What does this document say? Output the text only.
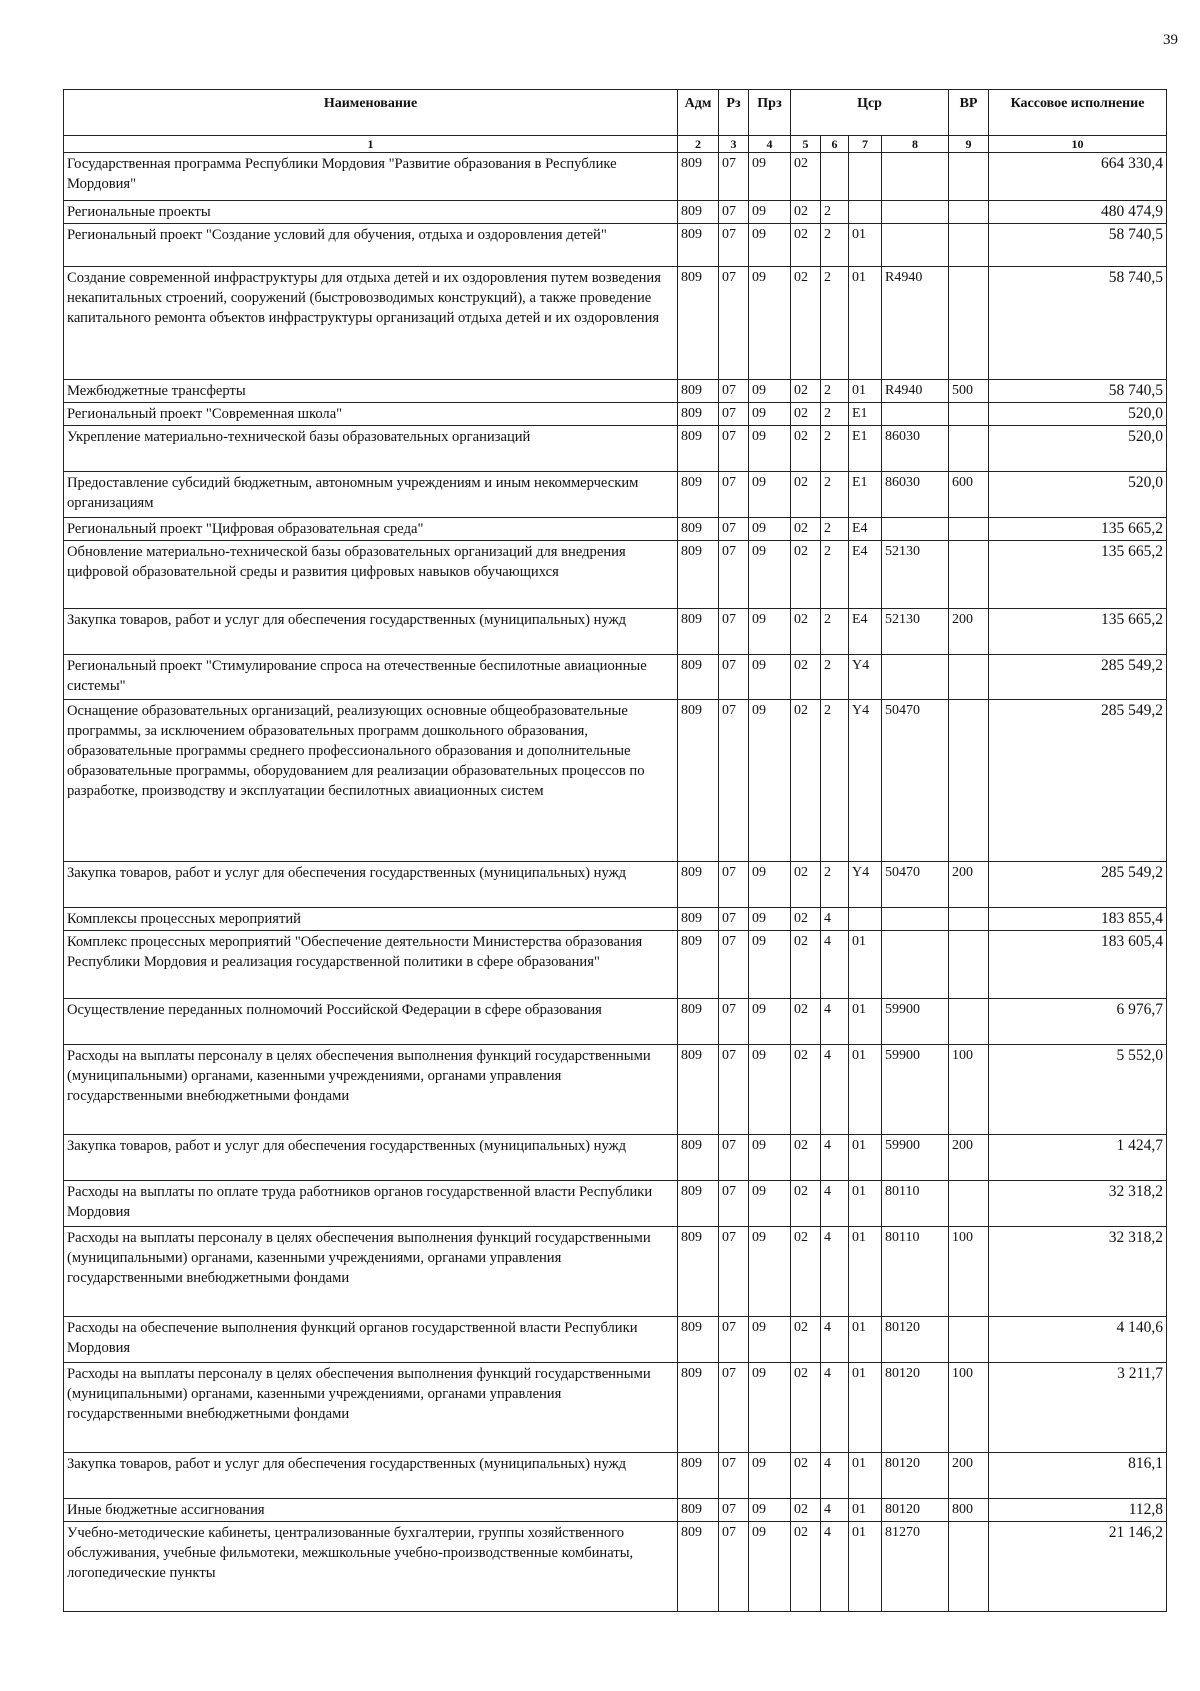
39
Наименование	Адм	Рз	Прз	Цср				ВР	Кассовое исполнение
1	2	3	4	5	6	7	8	9	10
Государственная программа Республики Мордовия "Развитие образования в Республике Мордовия"	809	07	09	02					664 330,4
Региональные проекты	809	07	09	02	2				480 474,9
Региональный проект "Создание условий для обучения, отдыха и оздоровления детей"	809	07	09	02	2	01			58 740,5
Создание современной инфраструктуры для отдыха детей и их оздоровления путем возведения некапитальных строений, сооружений (быстровозводимых конструкций), а также проведение капитального ремонта объектов инфраструктуры организаций отдыха детей и их оздоровления	809	07	09	02	2	01	R4940		58 740,5
Межбюджетные трансферты	809	07	09	02	2	01	R4940	500	58 740,5
Региональный проект "Современная школа"	809	07	09	02	2	E1			520,0
Укрепление материально-технической базы образовательных организаций	809	07	09	02	2	E1	86030		520,0
Предоставление субсидий бюджетным, автономным учреждениям и иным некоммерческим организациям	809	07	09	02	2	E1	86030	600	520,0
Региональный проект "Цифровая образовательная среда"	809	07	09	02	2	E4			135 665,2
Обновление материально-технической базы образовательных организаций для внедрения цифровой образовательной среды и развития цифровых навыков обучающихся	809	07	09	02	2	E4	52130		135 665,2
Закупка товаров, работ и услуг для обеспечения государственных (муниципальных) нужд	809	07	09	02	2	E4	52130	200	135 665,2
Региональный проект "Стимулирование спроса на отечественные беспилотные авиационные системы"	809	07	09	02	2	Y4			285 549,2
Оснащение образовательных организаций, реализующих основные общеобразовательные программы, за исключением образовательных программ дошкольного образования, образовательные программы среднего профессионального образования и дополнительные образовательные программы, оборудованием для реализации образовательных процессов по разработке, производству и эксплуатации беспилотных авиационных систем	809	07	09	02	2	Y4	50470		285 549,2
Закупка товаров, работ и услуг для обеспечения государственных (муниципальных) нужд	809	07	09	02	2	Y4	50470	200	285 549,2
Комплексы процессных мероприятий	809	07	09	02	4				183 855,4
Комплекс процессных мероприятий "Обеспечение деятельности Министерства образования Республики Мордовия и реализация государственной политики в сфере образования"	809	07	09	02	4	01			183 605,4
Осуществление переданных полномочий Российской Федерации в сфере образования	809	07	09	02	4	01	59900		6 976,7
Расходы на выплаты персоналу в целях обеспечения выполнения функций государственными (муниципальными) органами, казенными учреждениями, органами управления государственными внебюджетными фондами	809	07	09	02	4	01	59900	100	5 552,0
Закупка товаров, работ и услуг для обеспечения государственных (муниципальных) нужд	809	07	09	02	4	01	59900	200	1 424,7
Расходы на выплаты по оплате труда работников органов государственной власти Республики Мордовия	809	07	09	02	4	01	80110		32 318,2
Расходы на выплаты персоналу в целях обеспечения выполнения функций государственными (муниципальными) органами, казенными учреждениями, органами управления государственными внебюджетными фондами	809	07	09	02	4	01	80110	100	32 318,2
Расходы на обеспечение выполнения функций органов государственной власти Республики Мордовия	809	07	09	02	4	01	80120		4 140,6
Расходы на выплаты персоналу в целях обеспечения выполнения функций государственными (муниципальными) органами, казенными учреждениями, органами управления государственными внебюджетными фондами	809	07	09	02	4	01	80120	100	3 211,7
Закупка товаров, работ и услуг для обеспечения государственных (муниципальных) нужд	809	07	09	02	4	01	80120	200	816,1
Иные бюджетные ассигнования	809	07	09	02	4	01	80120	800	112,8
Учебно-методические кабинеты, централизованные бухгалтерии, группы хозяйственного обслуживания, учебные фильмотеки, межшкольные учебно-производственные комбинаты, логопедические пункты	809	07	09	02	4	01	81270		21 146,2
